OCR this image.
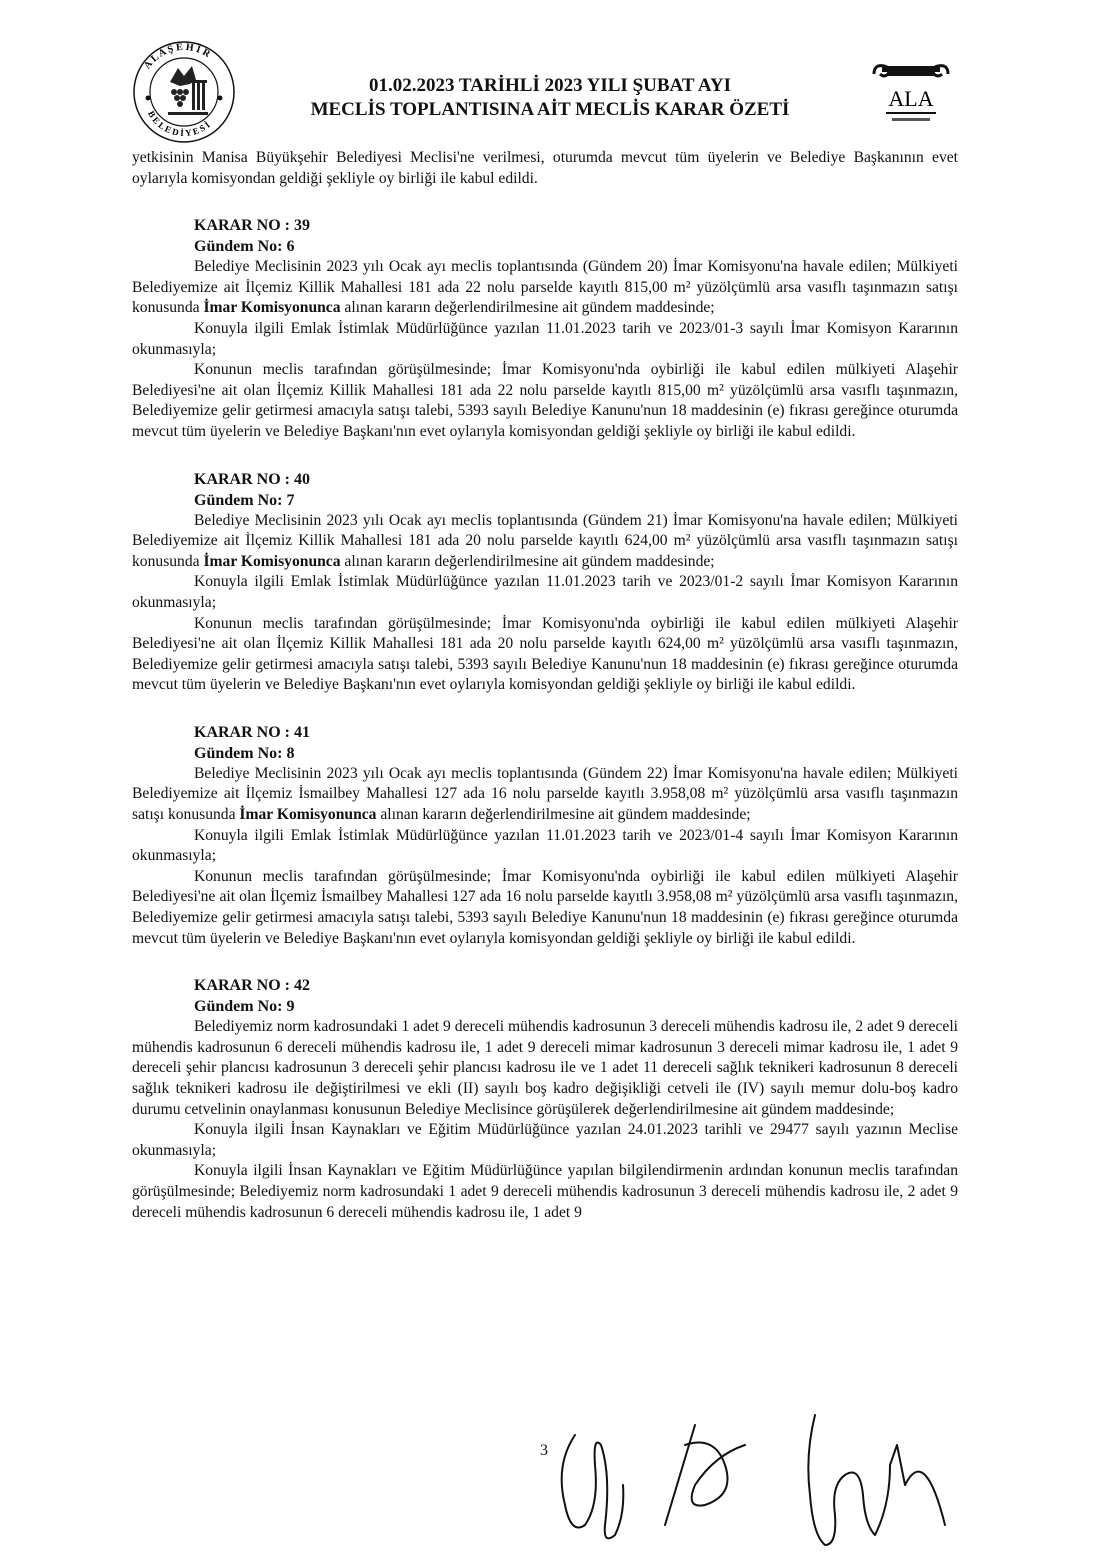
A L A Ş E H İ R
B E L E D İ Y E S İ
01.02.2023 TARİHLİ 2023 YILI ŞUBAT AYI
MECLİS TOPLANTISINA AİT MECLİS KARAR ÖZETİ	ALA

yetkisinin Manisa Büyükşehir Belediyesi Meclisi'ne verilmesi, oturumda mevcut tüm üyelerin ve Belediye Başkanının evet oylarıyla komisyondan geldiği şekliyle oy birliği ile kabul edildi.

KARAR NO : 39
Gündem No: 6

Belediye Meclisinin 2023 yılı Ocak ayı meclis toplantısında (Gündem 20) İmar Komisyonu'na havale edilen; Mülkiyeti Belediyemize ait İlçemiz Killik Mahallesi 181 ada 22 nolu parselde kayıtlı 815,00 m² yüzölçümlü arsa vasıflı taşınmazın satışı konusunda İmar Komisyonunca alınan kararın değerlendirilmesine ait gündem maddesinde;

Konuyla ilgili Emlak İstimlak Müdürlüğünce yazılan 11.01.2023 tarih ve 2023/01-3 sayılı İmar Komisyon Kararının okunmasıyla;

Konunun meclis tarafından görüşülmesinde; İmar Komisyonu'nda oybirliği ile kabul edilen mülkiyeti Alaşehir Belediyesi'ne ait olan İlçemiz Killik Mahallesi 181 ada 22 nolu parselde kayıtlı 815,00 m² yüzölçümlü arsa vasıflı taşınmazın, Belediyemize gelir getirmesi amacıyla satışı talebi, 5393 sayılı Belediye Kanunu'nun 18 maddesinin (e) fıkrası gereğince oturumda mevcut tüm üyelerin ve Belediye Başkanı'nın evet oylarıyla komisyondan geldiği şekliyle oy birliği ile kabul edildi.

KARAR NO : 40
Gündem No: 7

Belediye Meclisinin 2023 yılı Ocak ayı meclis toplantısında (Gündem 21) İmar Komisyonu'na havale edilen; Mülkiyeti Belediyemize ait İlçemiz Killik Mahallesi 181 ada 20 nolu parselde kayıtlı 624,00 m² yüzölçümlü arsa vasıflı taşınmazın satışı konusunda İmar Komisyonunca alınan kararın değerlendirilmesine ait gündem maddesinde;

Konuyla ilgili Emlak İstimlak Müdürlüğünce yazılan 11.01.2023 tarih ve 2023/01-2 sayılı İmar Komisyon Kararının okunmasıyla;

Konunun meclis tarafından görüşülmesinde; İmar Komisyonu'nda oybirliği ile kabul edilen mülkiyeti Alaşehir Belediyesi'ne ait olan İlçemiz Killik Mahallesi 181 ada 20 nolu parselde kayıtlı 624,00 m² yüzölçümlü arsa vasıflı taşınmazın, Belediyemize gelir getirmesi amacıyla satışı talebi, 5393 sayılı Belediye Kanunu'nun 18 maddesinin (e) fıkrası gereğince oturumda mevcut tüm üyelerin ve Belediye Başkanı'nın evet oylarıyla komisyondan geldiği şekliyle oy birliği ile kabul edildi.

KARAR NO : 41
Gündem No: 8

Belediye Meclisinin 2023 yılı Ocak ayı meclis toplantısında (Gündem 22) İmar Komisyonu'na havale edilen; Mülkiyeti Belediyemize ait İlçemiz İsmailbey Mahallesi 127 ada 16 nolu parselde kayıtlı 3.958,08 m² yüzölçümlü arsa vasıflı taşınmazın satışı konusunda İmar Komisyonunca alınan kararın değerlendirilmesine ait gündem maddesinde;

Konuyla ilgili Emlak İstimlak Müdürlüğünce yazılan 11.01.2023 tarih ve 2023/01-4 sayılı İmar Komisyon Kararının okunmasıyla;

Konunun meclis tarafından görüşülmesinde; İmar Komisyonu'nda oybirliği ile kabul edilen mülkiyeti Alaşehir Belediyesi'ne ait olan İlçemiz İsmailbey Mahallesi 127 ada 16 nolu parselde kayıtlı 3.958,08 m² yüzölçümlü arsa vasıflı taşınmazın, Belediyemize gelir getirmesi amacıyla satışı talebi, 5393 sayılı Belediye Kanunu'nun 18 maddesinin (e) fıkrası gereğince oturumda mevcut tüm üyelerin ve Belediye Başkanı'nın evet oylarıyla komisyondan geldiği şekliyle oy birliği ile kabul edildi.

KARAR NO : 42
Gündem No: 9

Belediyemiz norm kadrosundaki 1 adet 9 dereceli mühendis kadrosunun 3 dereceli mühendis kadrosu ile, 2 adet 9 dereceli mühendis kadrosunun 6 dereceli mühendis kadrosu ile, 1 adet 9 dereceli mimar kadrosunun 3 dereceli mimar kadrosu ile, 1 adet 9 dereceli şehir plancısı kadrosunun 3 dereceli şehir plancısı kadrosu ile ve 1 adet 11 dereceli sağlık teknikeri kadrosunun 8 dereceli sağlık teknikeri kadrosu ile değiştirilmesi ve ekli (II) sayılı boş kadro değişikliği cetveli ile (IV) sayılı memur dolu-boş kadro durumu cetvelinin onaylanması konusunun Belediye Meclisince görüşülerek değerlendirilmesine ait gündem maddesinde;

Konuyla ilgili İnsan Kaynakları ve Eğitim Müdürlüğünce yazılan 24.01.2023 tarihli ve 29477 sayılı yazının Meclise okunmasıyla;

Konuyla ilgili İnsan Kaynakları ve Eğitim Müdürlüğünce yapılan bilgilendirmenin ardından konunun meclis tarafından görüşülmesinde; Belediyemiz norm kadrosundaki 1 adet 9 dereceli mühendis kadrosunun 3 dereceli mühendis kadrosu ile, 2 adet 9 dereceli mühendis kadrosunun 6 dereceli mühendis kadrosu ile, 1 adet 9

3
